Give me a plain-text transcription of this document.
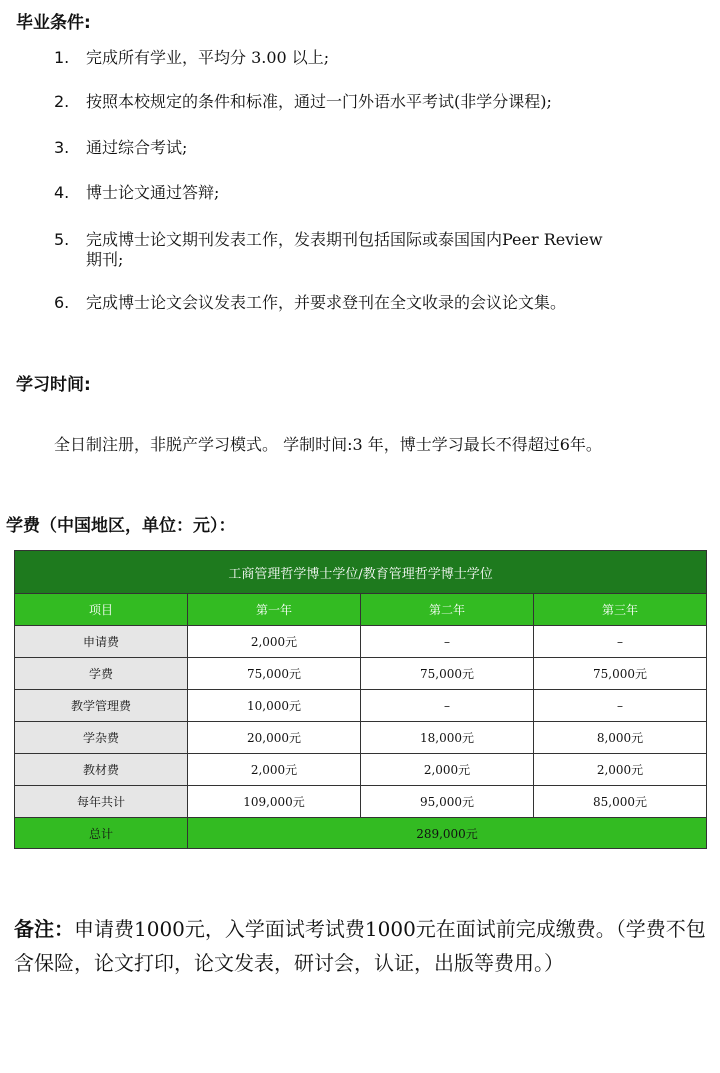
毕业条件:
1.	完成所有学业，平均分 3.00 以上;
2.	按照本校规定的条件和标准，通过一门外语水平考试(非学分课程);
3.	通过综合考试;
4.	博士论文通过答辩;
5.	完成博士论文期刊发表工作，发表期刊包括国际或泰国国内Peer Review期刊;
6.	完成博士论文会议发表工作，并要求登刊在全文收录的会议论文集。
学习时间:
全日制注册，非脱产学习模式。 学制时间:3 年，博士学习最长不得超过6年。
学费（中国地区，单位：元）：
工商管理哲学博士学位/教育管理哲学博士学位			
项目	第一年	第二年	第三年
申请费	2,000元	–	–
学费	75,000元	75,000元	75,000元
教学管理费	10,000元	–	–
学杂费	20,000元	18,000元	8,000元
教材费	2,000元	2,000元	2,000元
每年共计	109,000元	95,000元	85,000元
总计	289,000元		
备注：申请费1000元，入学面试考试费1000元在面试前完成缴费。（学费不包含保险，论文打印，论文发表，研讨会，认证，出版等费用。）
